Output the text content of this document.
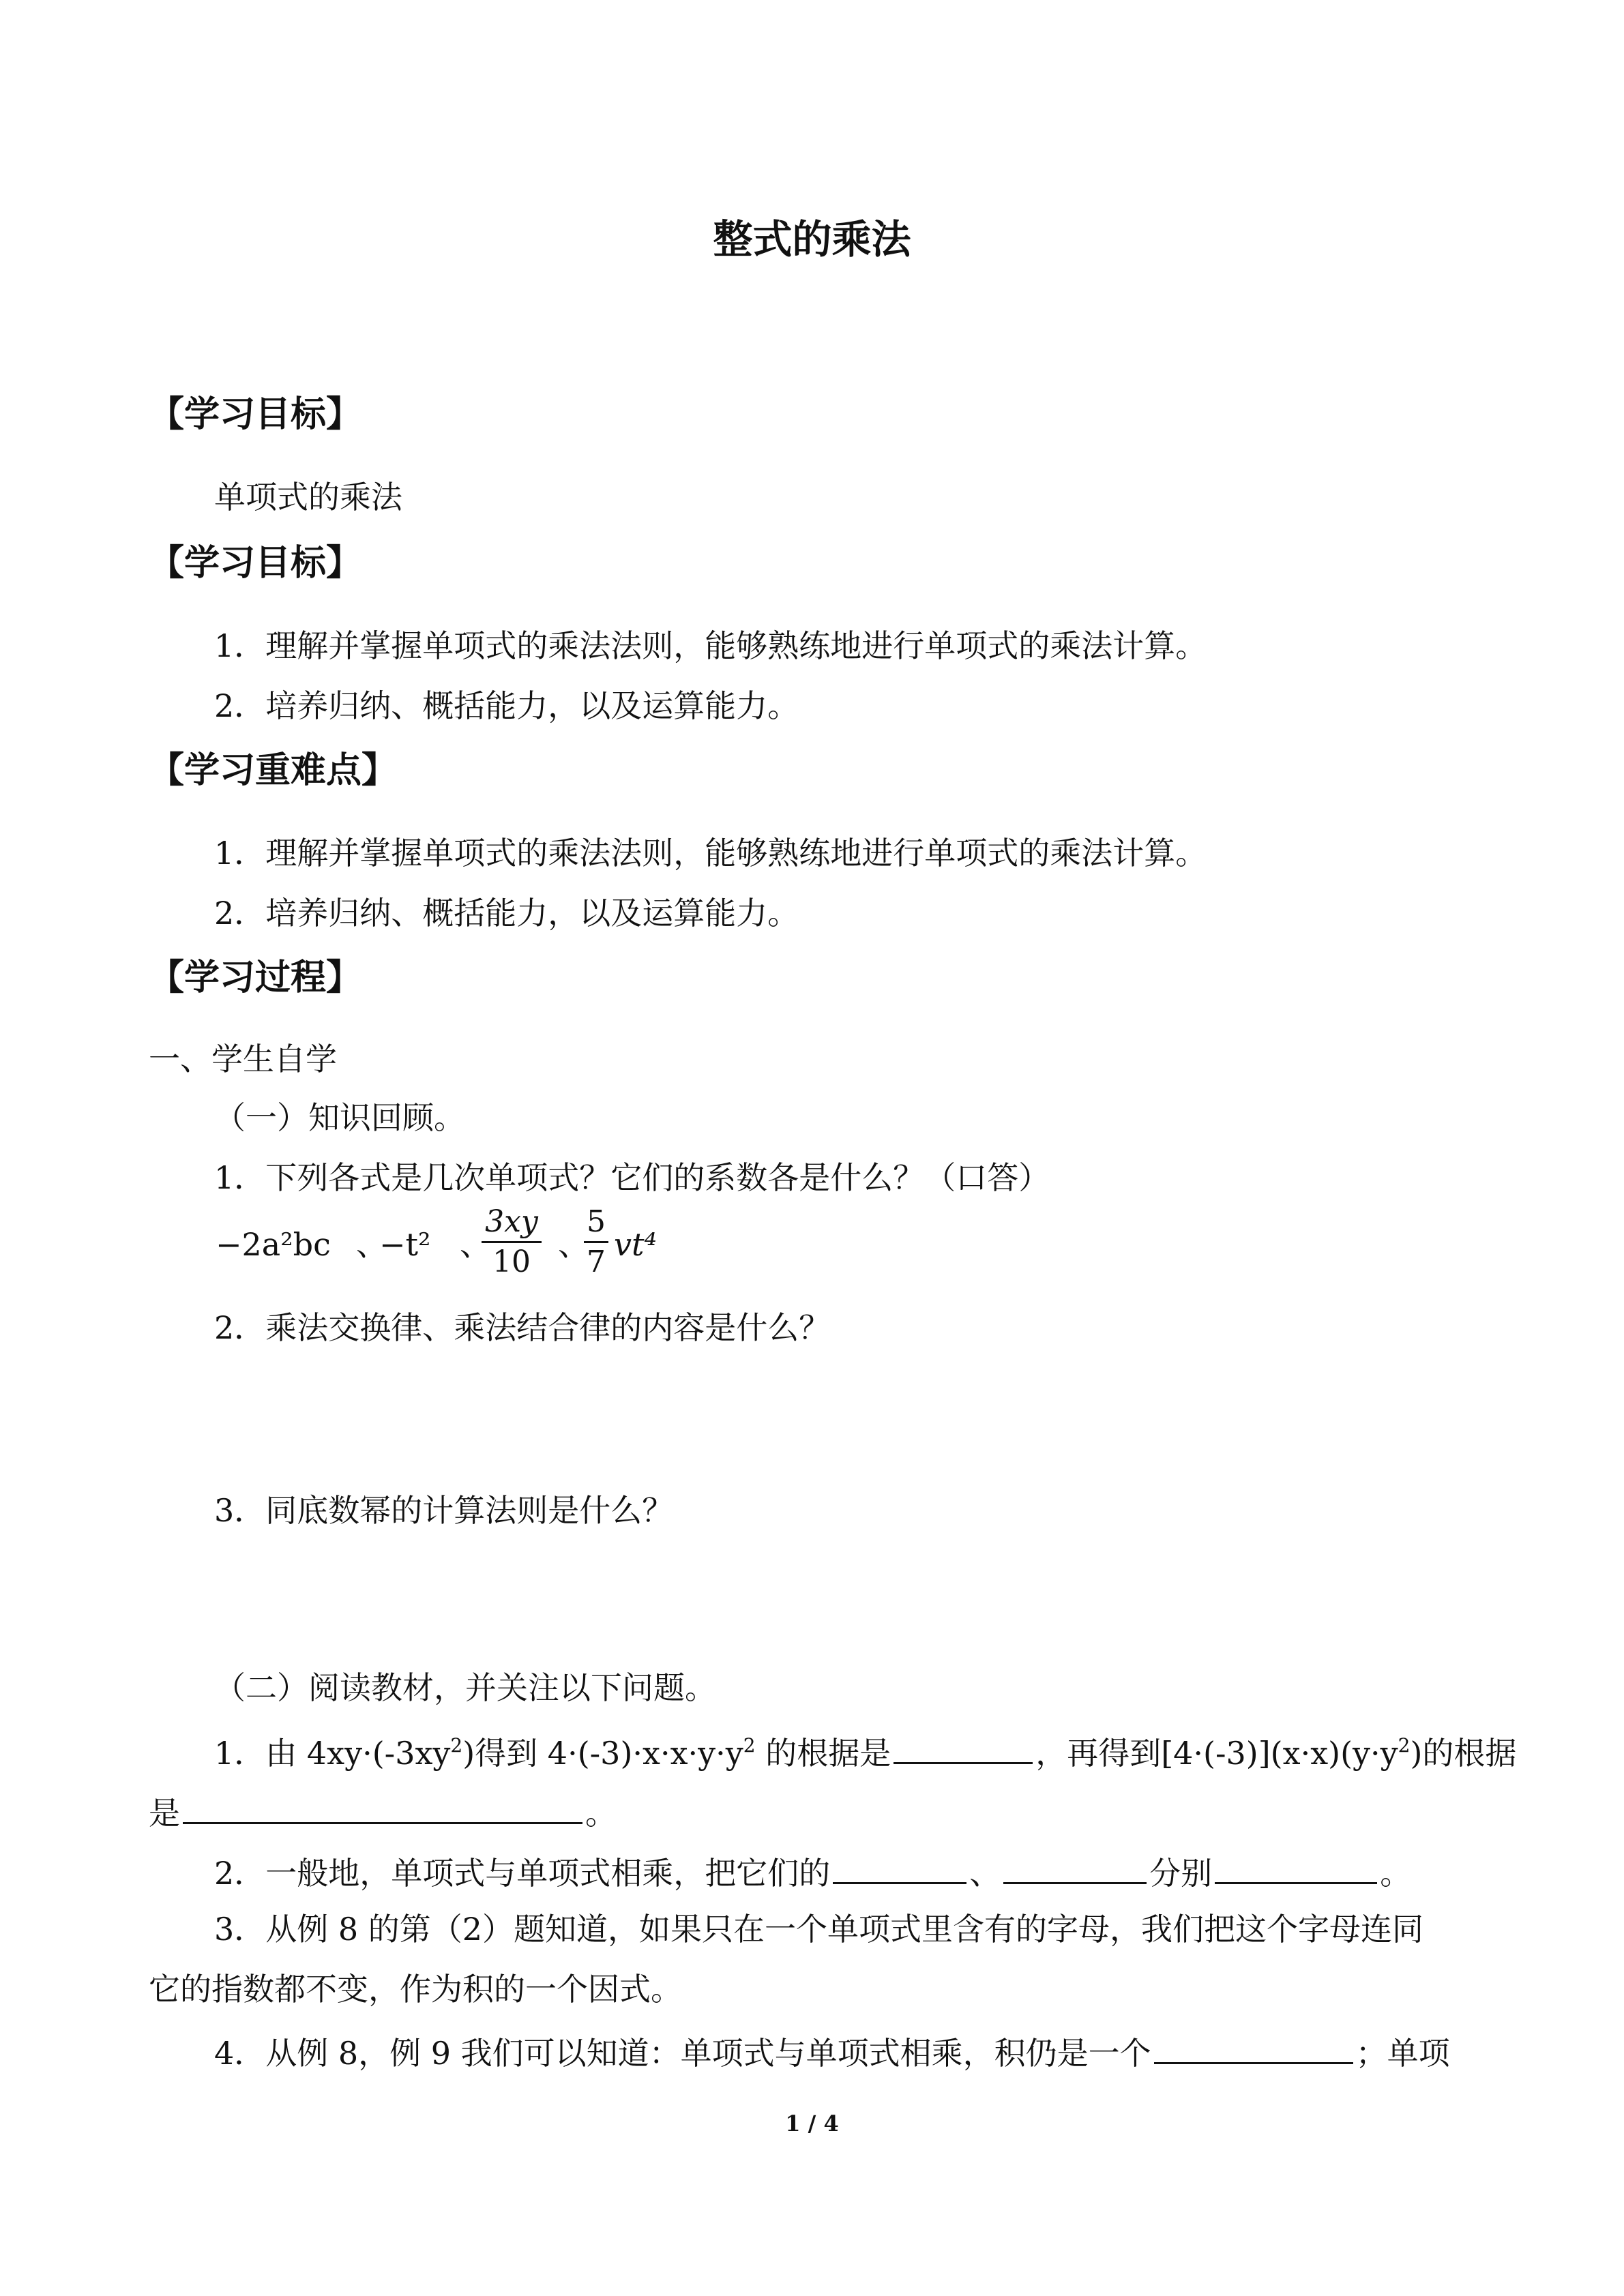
整式的乘法
【学习目标】
单项式的乘法
【学习目标】
1．理解并掌握单项式的乘法法则，能够熟练地进行单项式的乘法计算。
2．培养归纳、概括能力，以及运算能力。
【学习重难点】
1．理解并掌握单项式的乘法法则，能够熟练地进行单项式的乘法计算。
2．培养归纳、概括能力，以及运算能力。
【学习过程】
一、学生自学
（一）知识回顾。
1．下列各式是几次单项式？它们的系数各是什么？（口答）
−2a²bc 、
−t² 、
3xy
10 、
5
7 vt⁴
2．乘法交换律、乘法结合律的内容是什么？
3．同底数幂的计算法则是什么？
（二）阅读教材，并关注以下问题。
1．由 $4xy\cdot(-3xy^2)$得到 $4\cdot(-3)\cdot x\cdot x\cdot y\cdot y^2$ 的根据是	，再得到$[4\cdot(-3)](x\cdot x)(y\cdot y^2)$的根据
是	。
2．一般地，单项式与单项式相乘，把它们的	、	分别	。
3．从例 8 的第（2）题知道，如果只在一个单项式里含有的字母，我们把这个字母连同
它的指数都不变，作为积的一个因式。
4．从例 8，例 9 我们可以知道：单项式与单项式相乘，积仍是一个	；单项
1 / 4
